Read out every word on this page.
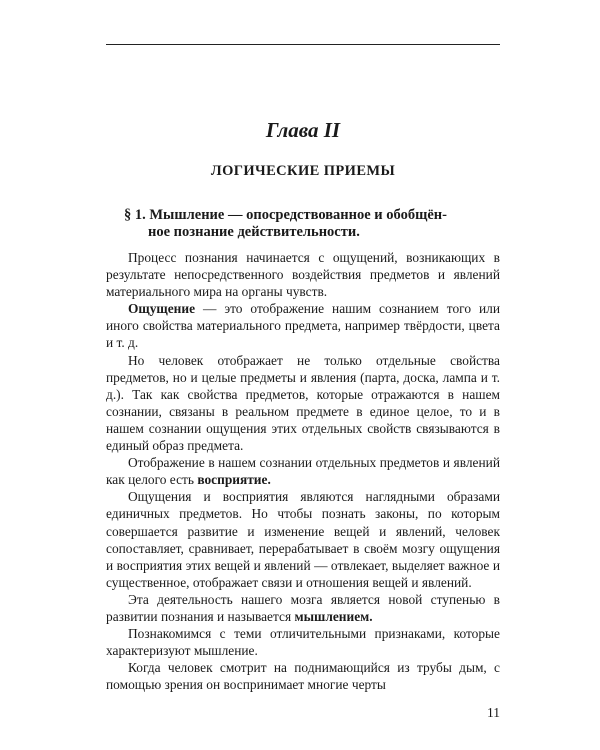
Глава II
ЛОГИЧЕСКИЕ ПРИЕМЫ
§ 1. Мышление — опосредствованное и обобщён-
ное познание действительности.

Процесс познания начинается с ощущений, возникающих в результате непосредственного воздействия предметов и явлений материального мира на органы чувств.

Ощущение — это отображение нашим сознанием того или иного свойства материального предмета, например твёрдости, цвета и т. д.

Но человек отображает не только отдельные свойства предметов, но и целые предметы и явления (парта, доска, лампа и т. д.). Так как свойства предметов, которые отражаются в нашем сознании, связаны в реальном предмете в единое целое, то и в нашем сознании ощущения этих отдельных свойств связываются в единый образ предмета.

Отображение в нашем сознании отдельных предметов и явлений как целого есть восприятие.

Ощущения и восприятия являются наглядными образами единичных предметов. Но чтобы познать законы, по которым совершается развитие и изменение вещей и явлений, человек сопоставляет, сравнивает, перерабатывает в своём мозгу ощущения и восприятия этих вещей и явлений — отвлекает, выделяет важное и существенное, отображает связи и отношения вещей и явлений.

Эта деятельность нашего мозга является новой ступенью в развитии познания и называется мышлением.

Познакомимся с теми отличительными признаками, которые характеризуют мышление.

Когда человек смотрит на поднимающийся из трубы дым, с помощью зрения он воспринимает многие черты

11
